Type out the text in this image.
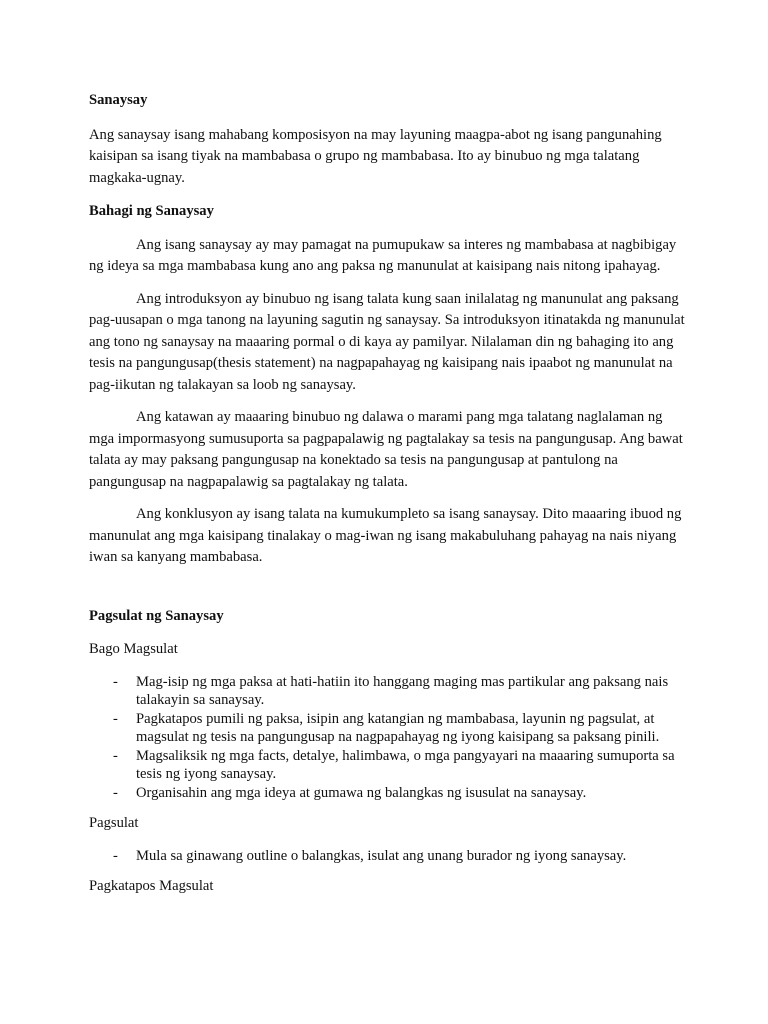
Sanaysay

Ang sanaysay isang mahabang komposisyon na may layuning maagpa-abot ng isang pangunahing kaisipan sa isang tiyak na mambabasa o grupo ng mambabasa. Ito ay binubuo ng mga talatang magkaka-ugnay.

Bahagi ng Sanaysay

Ang isang sanaysay ay may pamagat na pumupukaw sa interes ng mambabasa at nagbibigay ng ideya sa mga mambabasa kung ano ang paksa ng manunulat at kaisipang nais nitong ipahayag.

Ang introduksyon ay binubuo ng isang talata kung saan inilalatag ng manunulat ang paksang pag-uusapan o mga tanong na layuning sagutin ng sanaysay. Sa introduksyon itinatakda ng manunulat ang tono ng sanaysay na maaaring pormal o di kaya ay pamilyar. Nilalaman din ng bahaging ito ang tesis na pangungusap(thesis statement) na nagpapahayag ng kaisipang nais ipaabot ng manunulat na pag-iikutan ng talakayan sa loob ng sanaysay.

Ang katawan ay maaaring binubuo ng dalawa o marami pang mga talatang naglalaman ng mga impormasyong sumusuporta sa pagpapalawig ng pagtalakay sa tesis na pangungusap. Ang bawat talata ay may paksang pangungusap na konektado sa tesis na pangungusap at pantulong na pangungusap na nagpapalawig sa pagtalakay ng talata.

Ang konklusyon ay isang talata na kumukumpleto sa isang sanaysay. Dito maaaring ibuod ng manunulat ang mga kaisipang tinalakay o mag-iwan ng isang makabuluhang pahayag na nais niyang iwan sa kanyang mambabasa.

Pagsulat ng Sanaysay

Bago Magsulat

- Mag-isip ng mga paksa at hati-hatiin ito hanggang maging mas partikular ang paksang nais talakayin sa sanaysay.
- Pagkatapos pumili ng paksa, isipin ang katangian ng mambabasa, layunin ng pagsulat, at magsulat ng tesis na pangungusap na nagpapahayag ng iyong kaisipang sa paksang pinili.
- Magsaliksik ng mga facts, detalye, halimbawa, o mga pangyayari na maaaring sumuporta sa tesis ng iyong sanaysay.
- Organisahin ang mga ideya at gumawa ng balangkas ng isusulat na sanaysay.

Pagsulat

- Mula sa ginawang outline o balangkas, isulat ang unang burador ng iyong sanaysay.

Pagkatapos Magsulat
